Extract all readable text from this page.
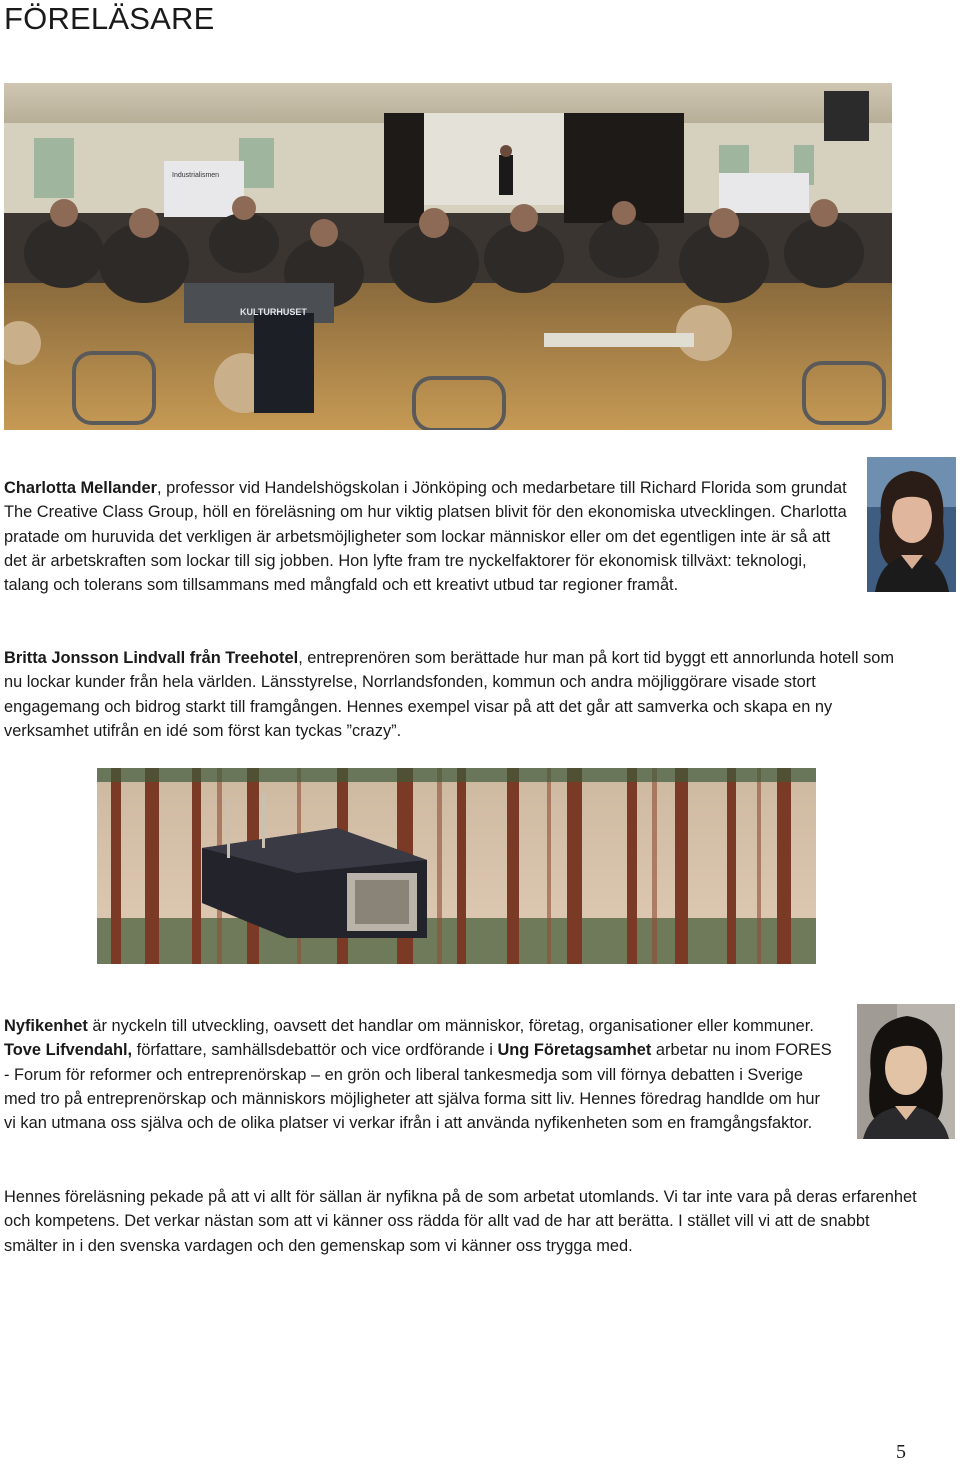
FÖRELÄSARE
Industrialismen
KULTURHUSET

Charlotta Mellander, professor vid Handelshögskolan i Jönköping och medarbetare till Richard Florida som grundat The Creative Class Group, höll en föreläsning om hur viktig platsen blivit för den ekonomiska utvecklingen. Charlotta pratade om huruvida det verkligen är arbetsmöjligheter som lockar människor eller om det egentligen inte är så att det är arbetskraften som lockar till sig jobben. Hon lyfte fram tre nyckelfaktorer för ekonomisk tillväxt: teknologi, talang och tolerans som tillsammans med mångfald och ett kreativt utbud tar regioner framåt.

Britta Jonsson Lindvall från Treehotel, entreprenören som berättade hur man på kort tid byggt ett annorlunda hotell som nu lockar kunder från hela världen. Länsstyrelse, Norrlandsfonden, kommun och andra möjliggörare visade stort engagemang och bidrog starkt till framgången. Hennes exempel visar på att det går att samverka och skapa en ny verksamhet utifrån en idé som först kan tyckas ”crazy”.

Nyfikenhet är nyckeln till utveckling, oavsett det handlar om människor, företag, organisationer eller kommuner. Tove Lifvendahl, författare, samhällsdebattör och vice ordförande i Ung Företagsamhet arbetar nu inom FORES - Forum för reformer och entreprenörskap – en grön och liberal tankesmedja som vill förnya debatten i Sverige med tro på entreprenörskap och människors möjligheter att själva forma sitt liv. Hennes föredrag handlde om hur vi kan utmana oss själva och de olika platser vi verkar ifrån i att använda nyfikenheten som en framgångsfaktor.

Hennes föreläsning pekade på att vi allt för sällan är nyfikna på de som arbetat utomlands. Vi tar inte vara på deras erfarenhet och kompetens. Det verkar nästan som att vi känner oss rädda för allt vad de har att berätta. I stället vill vi att de snabbt smälter in i den svenska vardagen och den gemenskap som vi känner oss trygga med.

5
